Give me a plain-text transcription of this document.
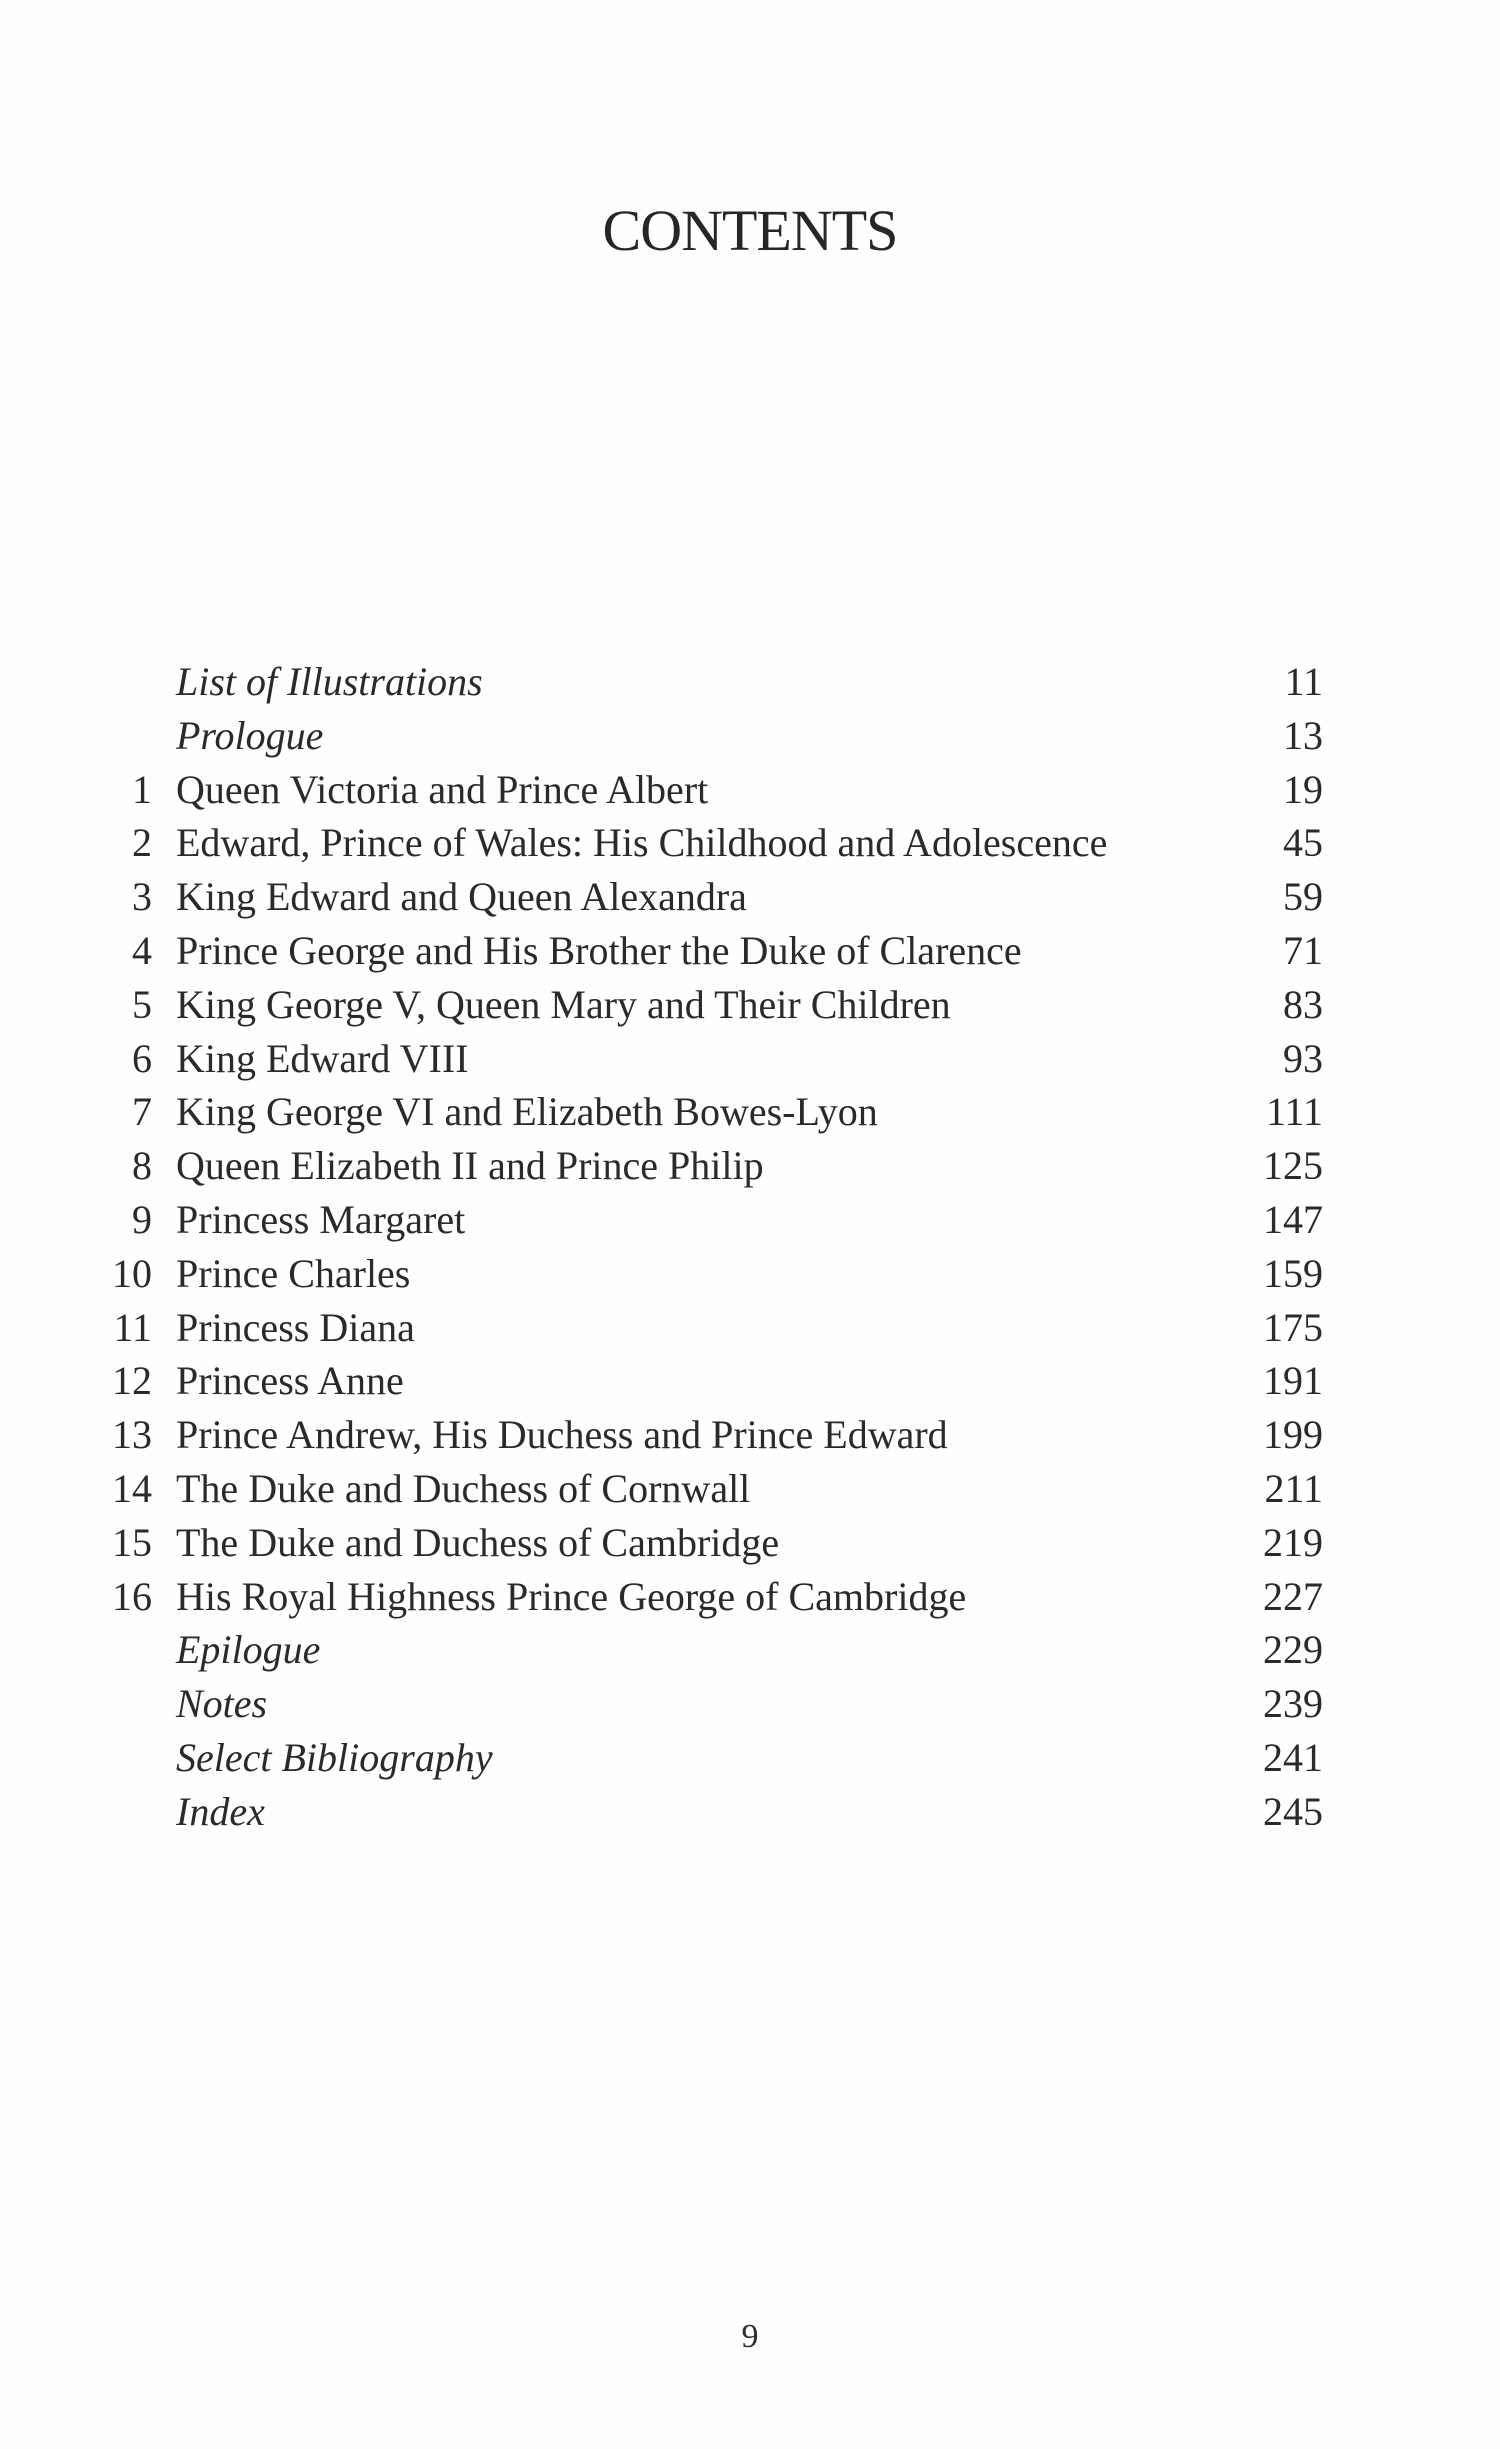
CONTENTS
List of Illustrations	11
Prologue	13
1 Queen Victoria and Prince Albert	19
2 Edward, Prince of Wales: His Childhood and Adolescence	45
3 King Edward and Queen Alexandra	59
4 Prince George and His Brother the Duke of Clarence	71
5 King George V, Queen Mary and Their Children	83
6 King Edward VIII	93
7 King George VI and Elizabeth Bowes-Lyon	111
8 Queen Elizabeth II and Prince Philip	125
9 Princess Margaret	147
10 Prince Charles	159
11 Princess Diana	175
12 Princess Anne	191
13 Prince Andrew, His Duchess and Prince Edward	199
14 The Duke and Duchess of Cornwall	211
15 The Duke and Duchess of Cambridge	219
16 His Royal Highness Prince George of Cambridge	227
Epilogue	229
Notes	239
Select Bibliography	241
Index	245
9
